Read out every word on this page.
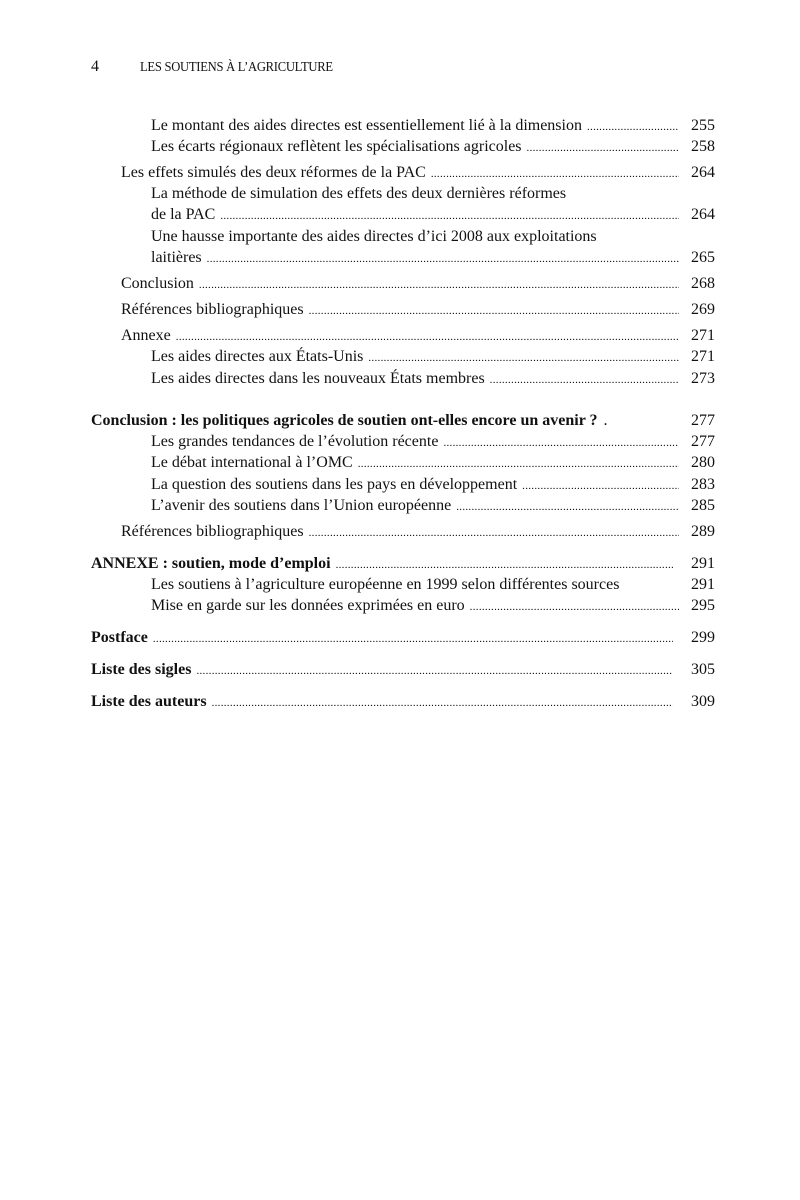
4	LES SOUTIENS À L’AGRICULTURE
Le montant des aides directes est essentiellement lié à la dimension .....	255
Les écarts régionaux reflètent les spécialisations agricoles .....	258
Les effets simulés des deux réformes de la PAC .....	264
La méthode de simulation des effets des deux dernières réformes
de la PAC .....	264
Une hausse importante des aides directes d’ici 2008 aux exploitations
laitières .....	265
Conclusion .....	268
Références bibliographiques .....	269
Annexe .....	271
Les aides directes aux États-Unis .....	271
Les aides directes dans les nouveaux États membres .....	273
Conclusion : les politiques agricoles de soutien ont-elles encore un avenir ? .	277
Les grandes tendances de l’évolution récente .....	277
Le débat international à l’OMC .....	280
La question des soutiens dans les pays en développement .....	283
L’avenir des soutiens dans l’Union européenne .....	285
Références bibliographiques .....	289
ANNEXE : soutien, mode d’emploi .....	291
Les soutiens à l’agriculture européenne en 1999 selon différentes sources	291
Mise en garde sur les données exprimées en euro .....	295
Postface .....	299
Liste des sigles .....	305
Liste des auteurs .....	309
